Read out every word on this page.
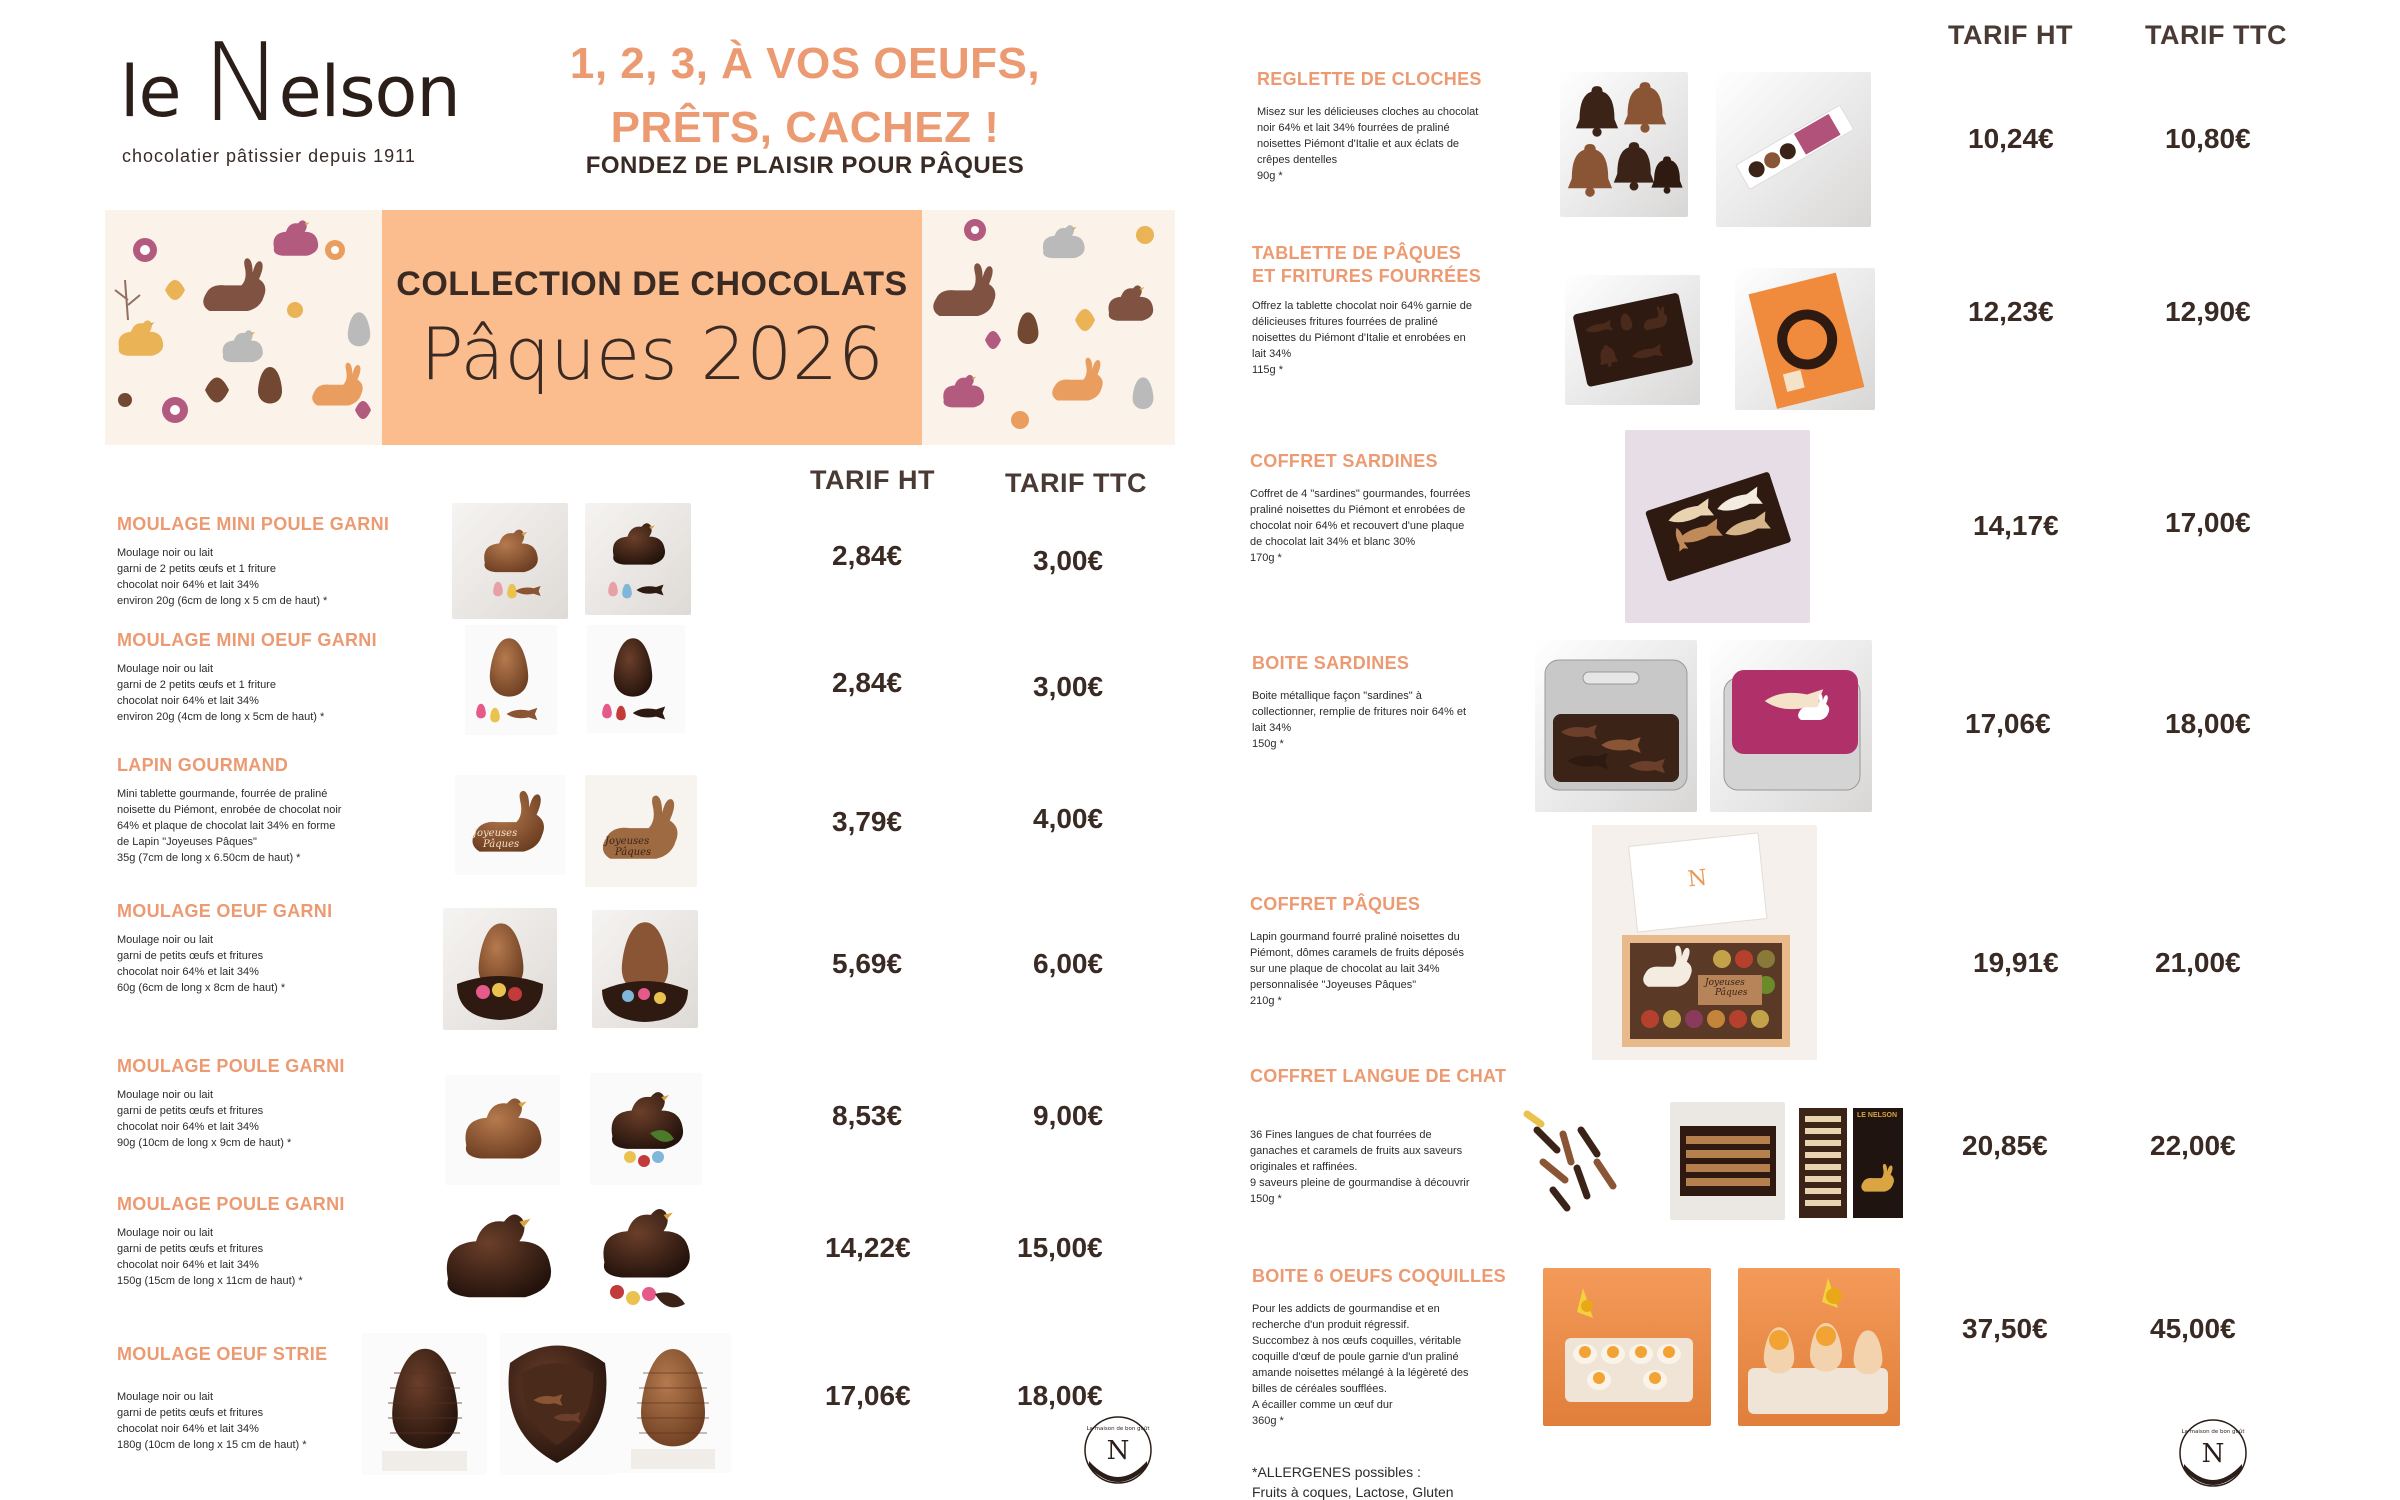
le Nelson
chocolatier pâtissier depuis 1911
1, 2, 3, À VOS OEUFS,
PRÊTS, CACHEZ !
FONDEZ DE PLAISIR POUR PÂQUES
COLLECTION DE CHOCOLATS
Pâques 2026
TARIF HT	TARIF TTC
MOULAGE MINI POULE GARNI
Moulage noir ou lait
garni de 2 petits œufs et 1 friture
chocolat noir 64% et lait 34%
environ 20g (6cm de long x 5 cm de haut) *
2,84€	3,00€
MOULAGE MINI OEUF GARNI
Moulage noir ou lait
garni de 2 petits œufs et 1 friture
chocolat noir 64% et lait 34%
environ 20g (4cm de long x 5cm de haut) *
2,84€	3,00€
LAPIN GOURMAND
Mini tablette gourmande, fourrée de praliné
noisette du Piémont, enrobée de chocolat noir
64% et plaque de chocolat lait 34% en forme
de Lapin "Joyeuses Pâques"
35g (7cm de long x 6.50cm de haut) *
Joyeuses
Pâques	Joyeuses
Pâques
3,79€	4,00€
MOULAGE OEUF GARNI
Moulage noir ou lait
garni de petits œufs et fritures
chocolat noir 64% et lait 34%
60g (6cm de long x 8cm de haut) *
5,69€	6,00€
MOULAGE POULE GARNI
Moulage noir ou lait
garni de petits œufs et fritures
chocolat noir 64% et lait 34%
90g (10cm de long x 9cm de haut) *
8,53€	9,00€
MOULAGE POULE GARNI
Moulage noir ou lait
garni de petits œufs et fritures
chocolat noir 64% et lait 34%
150g (15cm de long x 11cm de haut) *
14,22€	15,00€
MOULAGE OEUF STRIE
Moulage noir ou lait
garni de petits œufs et fritures
chocolat noir 64% et lait 34%
180g (10cm de long x 15 cm de haut) *
17,06€	18,00€
N
La maison de bon goût
TARIF HT	TARIF TTC
REGLETTE DE CLOCHES
Misez sur les délicieuses cloches au chocolat
noir 64% et lait 34% fourrées de praliné
noisettes Piémont d'Italie et aux éclats de
crêpes dentelles
90g *
10,24€	10,80€
TABLETTE DE PÂQUES
ET FRITURES FOURRÉES
Offrez la tablette chocolat noir 64% garnie de
délicieuses fritures fourrées de praliné
noisettes du Piémont d'Italie et enrobées en
lait 34%
115g *
12,23€	12,90€
COFFRET SARDINES
Coffret de 4 "sardines" gourmandes, fourrées
praliné noisettes du Piémont et enrobées de
chocolat noir 64% et recouvert d'une plaque
de chocolat lait 34% et blanc 30%
170g *
14,17€	17,00€
BOITE SARDINES
Boite métallique façon "sardines" à
collectionner, remplie de fritures noir 64% et
lait 34%
150g *
17,06€	18,00€
COFFRET PÂQUES
Lapin gourmand fourré praliné noisettes du
Piémont, dômes caramels de fruits déposés
sur une plaque de chocolat au lait 34%
personnalisée "Joyeuses Pâques"
210g *
N
Joyeuses
Pâques
19,91€	21,00€
COFFRET LANGUE DE CHAT
36 Fines langues de chat fourrées de
ganaches et caramels de fruits aux saveurs
originales et raffinées.
9 saveurs pleine de gourmandise à découvrir
150g *
LE NELSON
20,85€	22,00€
BOITE 6 OEUFS COQUILLES
Pour les addicts de gourmandise et en
recherche d'un produit régressif.
Succombez à nos œufs coquilles, véritable
coquille d'œuf de poule garnie d'un praliné
amande noisettes mélangé à la légèreté des
billes de céréales soufflées.
A écailler comme un œuf dur
360g *
37,50€	45,00€
*ALLERGENES possibles :
Fruits à coques, Lactose, Gluten
N
La maison de bon goût
